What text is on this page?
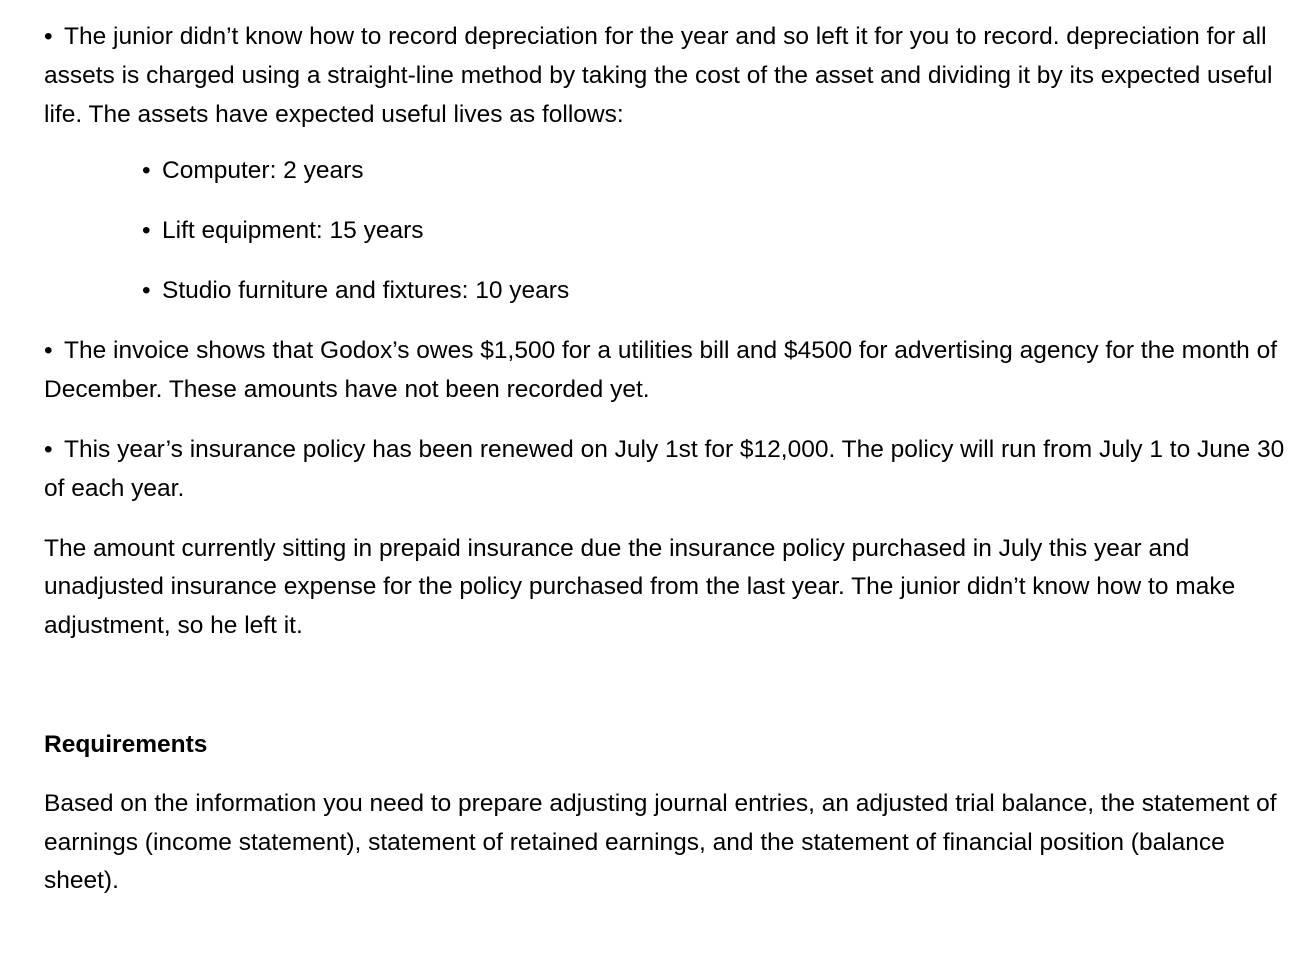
• The junior didn’t know how to record depreciation for the year and so left it for you to record. depreciation for all assets is charged using a straight-line method by taking the cost of the asset and dividing it by its expected useful life. The assets have expected useful lives as follows:

• Computer: 2 years
• Lift equipment: 15 years
• Studio furniture and fixtures: 10 years

• The invoice shows that Godox’s owes $1,500 for a utilities bill and $4500 for advertising agency for the month of December. These amounts have not been recorded yet.

• This year’s insurance policy has been renewed on July 1st for $12,000. The policy will run from July 1 to June 30 of each year.

The amount currently sitting in prepaid insurance due the insurance policy purchased in July this year and unadjusted insurance expense for the policy purchased from the last year. The junior didn’t know how to make adjustment, so he left it.

Requirements

Based on the information you need to prepare adjusting journal entries, an adjusted trial balance, the statement of earnings (income statement), statement of retained earnings, and the statement of financial position (balance sheet).
